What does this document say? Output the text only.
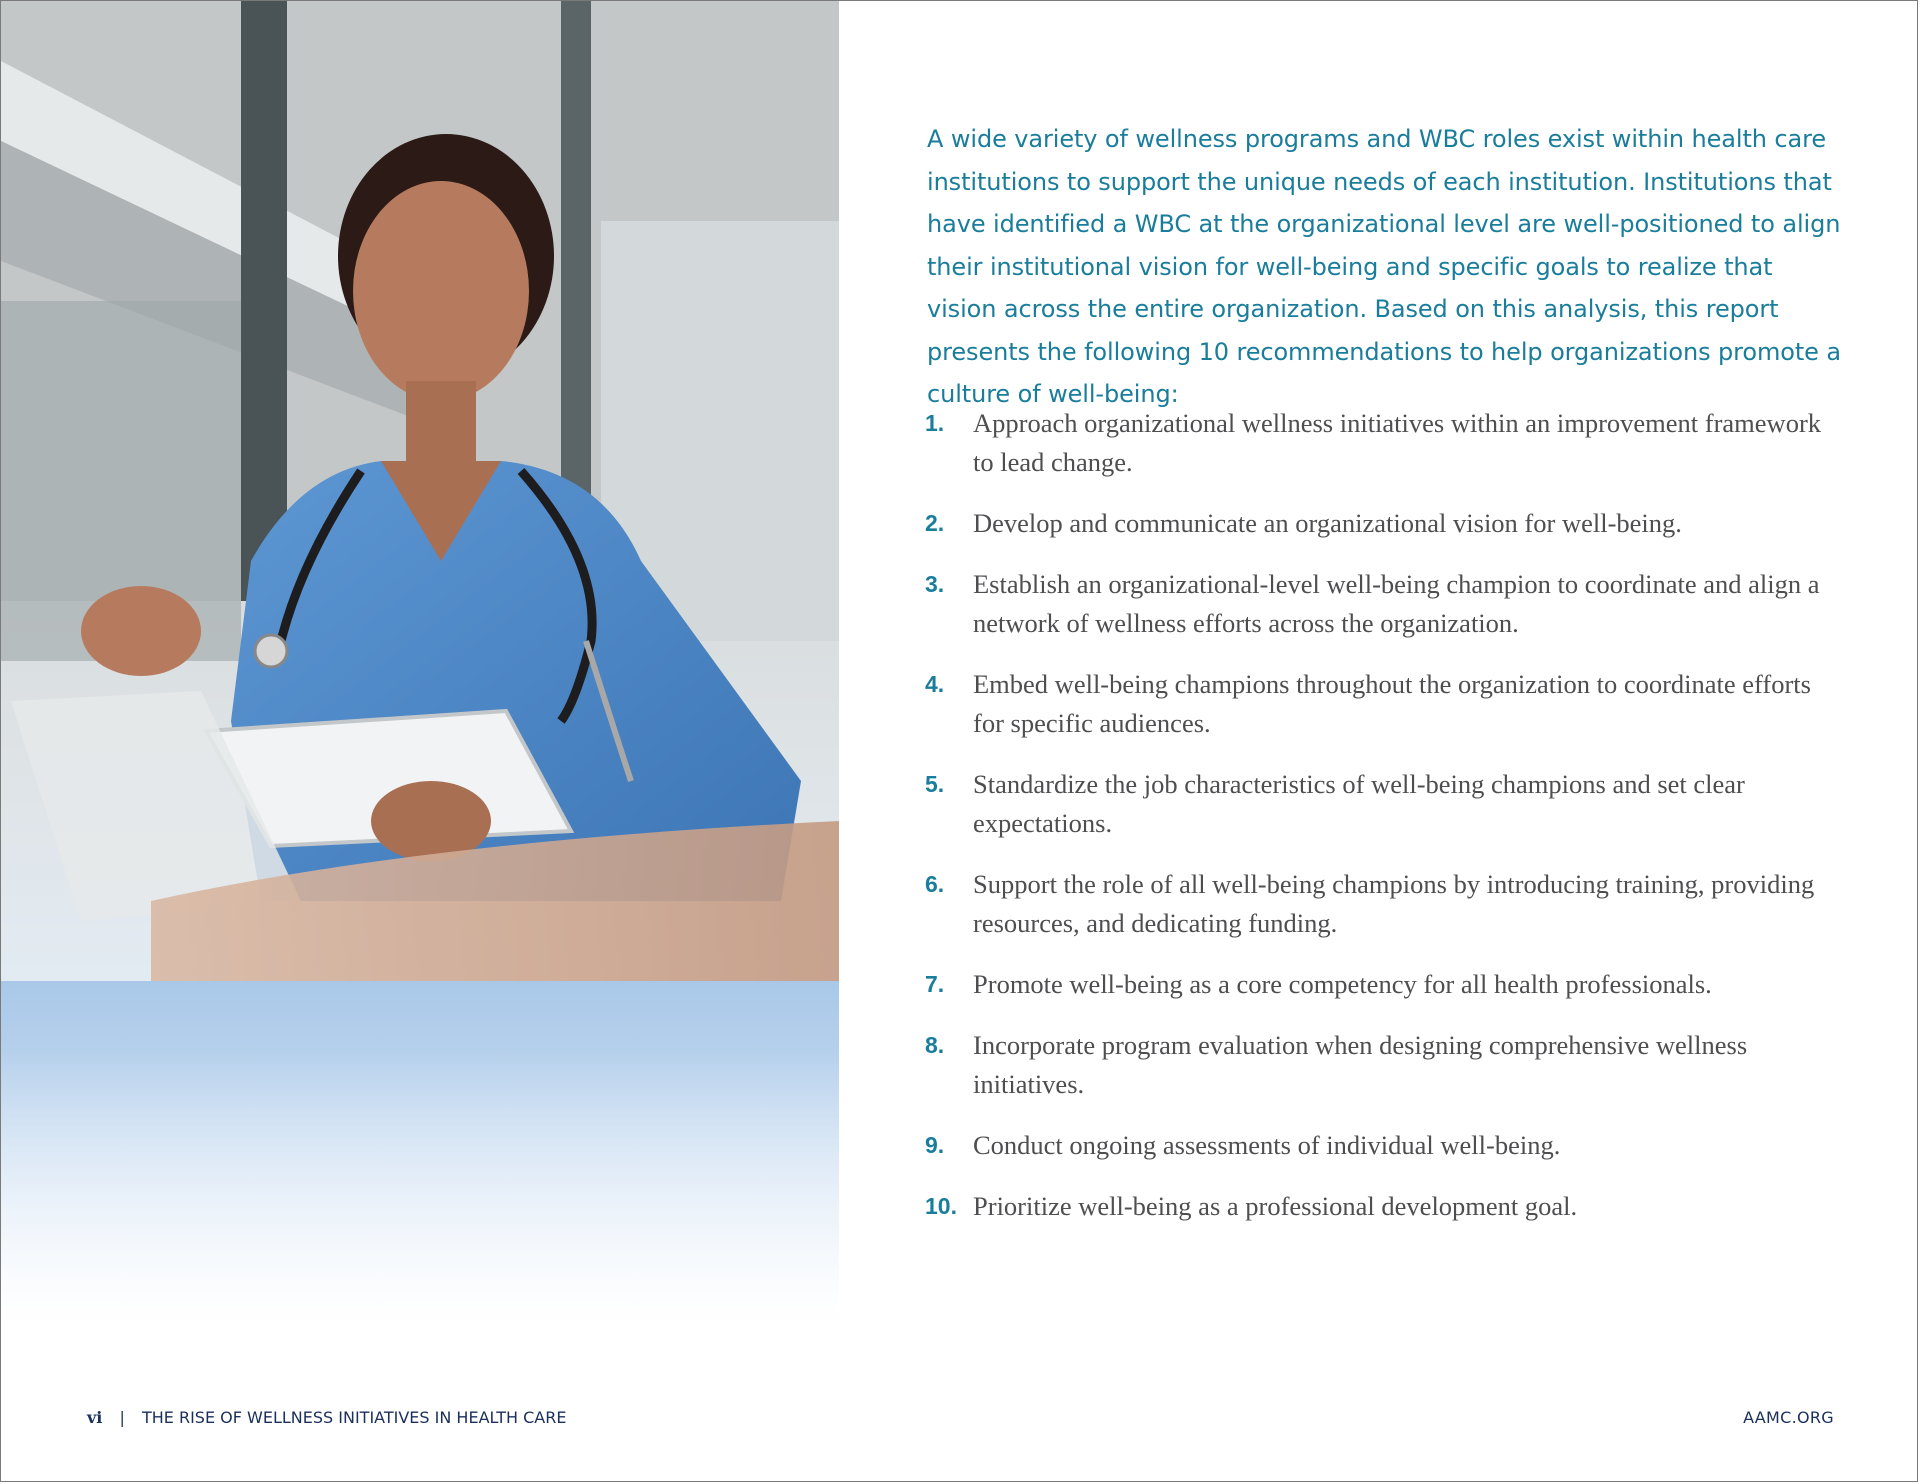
A wide variety of wellness programs and WBC roles exist within health care institutions to support the unique needs of each institution. Institutions that have identified a WBC at the organizational level are well-positioned to align their institutional vision for well-being and specific goals to realize that vision across the entire organization. Based on this analysis, this report presents the following 10 recommendations to help organizations promote a culture of well-being:

1. Approach organizational wellness initiatives within an improvement framework to lead change.
2. Develop and communicate an organizational vision for well-being.
3. Establish an organizational-level well-being champion to coordinate and align a network of wellness efforts across the organization.
4. Embed well-being champions throughout the organization to coordinate efforts for specific audiences.
5. Standardize the job characteristics of well-being champions and set clear expectations.
6. Support the role of all well-being champions by introducing training, providing resources, and dedicating funding.
7. Promote well-being as a core competency for all health professionals.
8. Incorporate program evaluation when designing comprehensive wellness initiatives.
9. Conduct ongoing assessments of individual well-being.
10. Prioritize well-being as a professional development goal.
vi | THE RISE OF WELLNESS INITIATIVES IN HEALTH CARE	AAMC.ORG
